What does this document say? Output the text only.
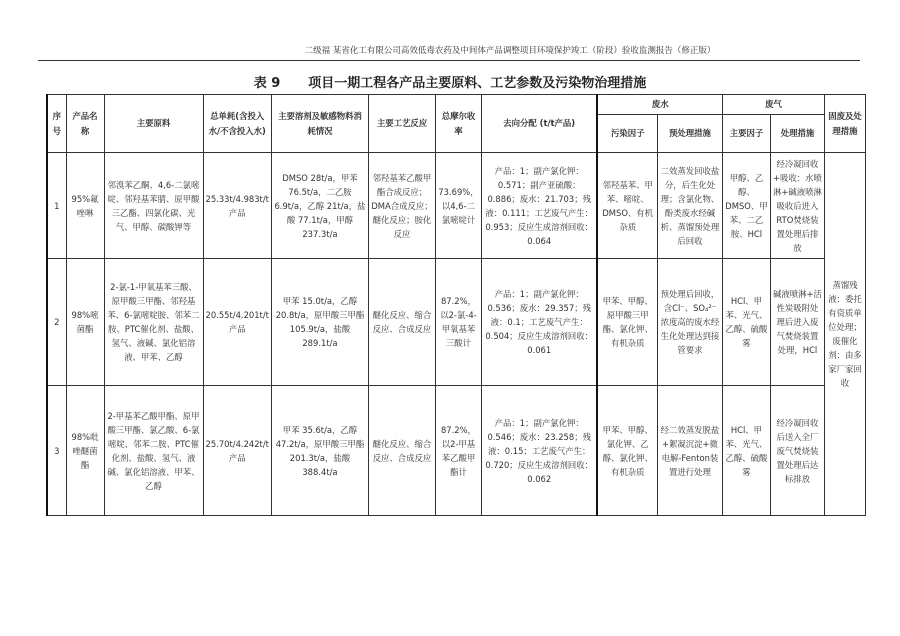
二级福 某省化工有限公司高效低毒农药及中间体产品调整项目环境保护竣工（阶段）验收监测报告（修正版）
表 9 项目一期工程各产品主要原料、工艺参数及污染物治理措施
序号	产品名称	主要原料	总单耗(含投入水/不含投入水)	主要溶剂及敏感物料消耗情况	主要工艺反应	总摩尔收率	去向分配 (t/t产品)	废水		废气		固废及处理措施
								污染因子	预处理措施	主要因子	处理措施	
1	95%氟唑啉	邻溴苯乙酮、4,6-二氯嘧啶、邻羟基苯腈、原甲酸三乙酯、四氯化碳、光气、甲醇、碳酸钾等	25.33t/4.983t/t产品	DMSO 28t/a，甲苯 76.5t/a，二乙胺 6.9t/a，乙醇 21t/a，盐酸 77.1t/a，甲醇 237.3t/a	邻羟基苯乙酸甲酯合成反应；DMA合成反应；醚化反应；胺化反应	73.69%，以4,6-二氯嘧啶计	产品：1；副产氯化钾：0.571；副产亚硫酸：0.886；废水：21.703；残液：0.111；工艺废气产生：0.953；反应生成溶剂回收：0.064	邻羟基苯、甲苯、嘧啶、DMSO、有机杂质	二效蒸发回收盐分，后生化处理；含氯化物、酚类废水经碱析、蒸馏预处理后回收	甲醇、乙醇、DMSO、甲苯、二乙胺、HCl	经冷凝回收+吸收：水喷淋+碱液喷淋吸收后进入RTO焚烧装置处理后排放	蒸馏残液：委托有资质单位处理；废催化剂：由多家厂家回收
2	98%嘧菌酯	2-氯-1-甲氧基苯三酸、原甲酸三甲酯、邻羟基苯、6-氯嘧啶胺、邻苯二胺、PTC催化剂、盐酸、氢气、液碱、氯化铝溶液、甲苯、乙醇	20.55t/4.201t/t产品	甲苯 15.0t/a，乙醇 20.8t/a，原甲酸三甲酯 105.9t/a，盐酸 289.1t/a	醚化反应、缩合反应、合成反应	87.2%，以2-氯-4-甲氧基苯三酸计	产品：1；副产氯化钾：0.536；废水：29.357；残液：0.1；工艺废气产生：0.504；反应生成溶剂回收：0.061	甲苯、甲醇、原甲酸三甲酯、氯化钾、有机杂质	预处理后回收，含Cl⁻、SO₄²⁻浓度高的废水经生化处理达到接管要求	HCl、甲苯、光气、乙醇、硫酸雾	碱液喷淋+活性炭吸附处理后进入废气焚烧装置处理，HCl	
3	98%吡唑醚菌酯	2-甲基苯乙酸甲酯、原甲酸三甲酯、氯乙酸、6-氯嘧啶、邻苯二胺、PTC催化剂、盐酸、氢气、液碱、氯化铝溶液、甲苯、乙醇	25.70t/4.242t/t产品	甲苯 35.6t/a，乙醇 47.2t/a，原甲酸三甲酯 201.3t/a，盐酸 388.4t/a	醚化反应、缩合反应、合成反应	87.2%，以2-甲基苯乙酸甲酯计	产品：1；副产氯化钾：0.546；废水：23.258；残液：0.15；工艺废气产生：0.720；反应生成溶剂回收：0.062	甲苯、甲醇、氯化钾、乙醇、氯化钾、有机杂质	经二效蒸发脱盐+絮凝沉淀+微电解-Fenton装置进行处理	HCl、甲苯、光气、乙醇、硫酸雾	经冷凝回收后送入全厂废气焚烧装置处理后达标排放	
